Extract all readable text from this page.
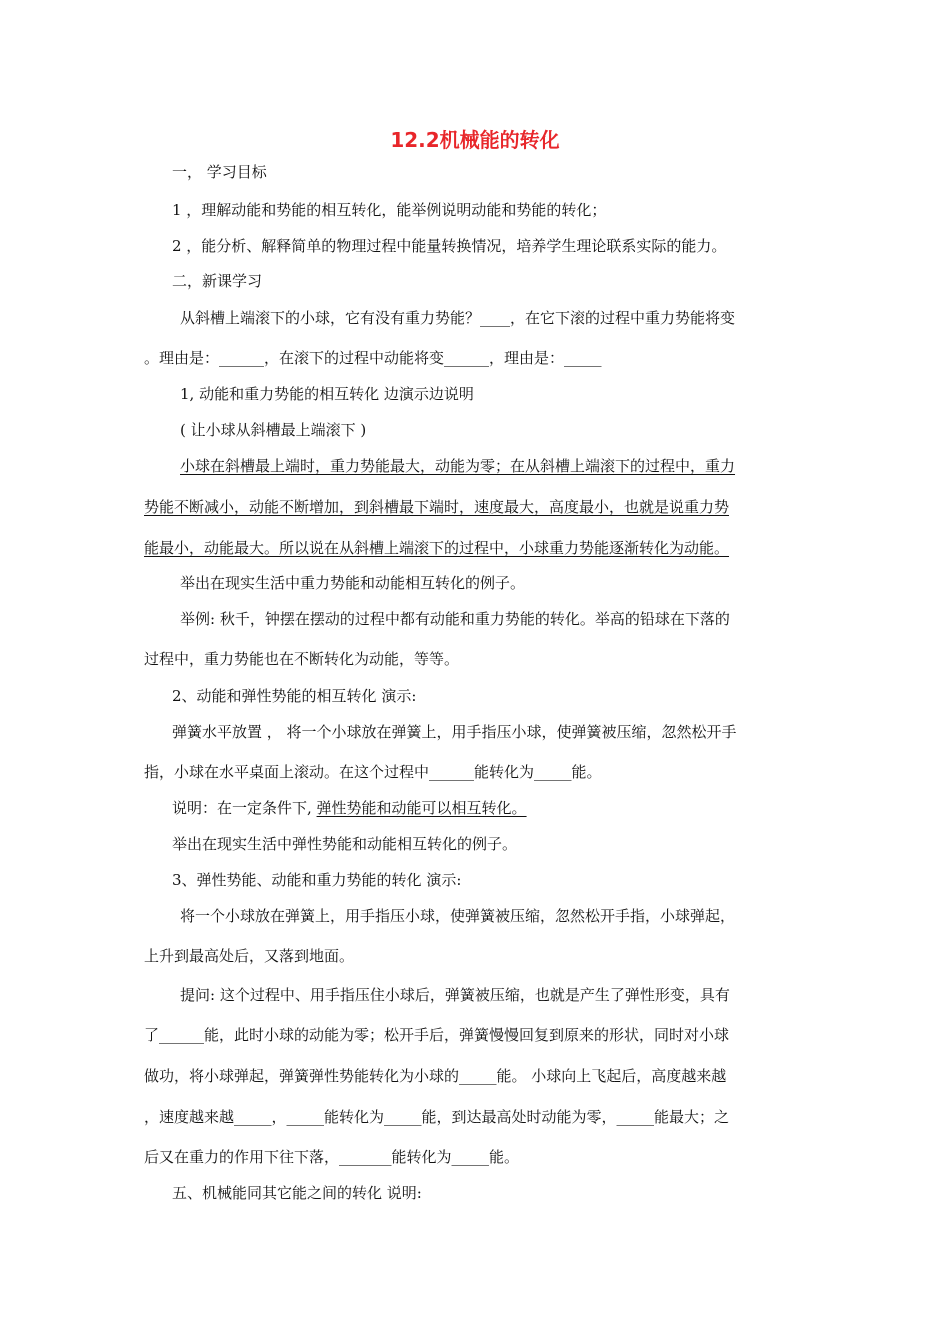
12.2机械能的转化
一， 学习目标
1 ，理解动能和势能的相互转化，能举例说明动能和势能的转化；
2 ，能分析、解释简单的物理过程中能量转换情况，培养学生理论联系实际的能力。
二，新课学习
从斜槽上端滚下的小球，它有没有重力势能？____，在它下滚的过程中重力势能将变
。理由是：______，在滚下的过程中动能将变______，理由是：_____
1, 动能和重力势能的相互转化 边演示边说明
( 让小球从斜槽最上端滚下 )
小球在斜槽最上端时，重力势能最大，动能为零；在从斜槽上端滚下的过程中，重力
势能不断减小，动能不断增加，到斜槽最下端时，速度最大，高度最小，也就是说重力势
能最小，动能最大。所以说在从斜槽上端滚下的过程中，小球重力势能逐渐转化为动能。
举出在现实生活中重力势能和动能相互转化的例子。
举例: 秋千，钟摆在摆动的过程中都有动能和重力势能的转化。举高的铅球在下落的
过程中，重力势能也在不断转化为动能，等等。
2、动能和弹性势能的相互转化 演示:
弹簧水平放置 ， 将一个小球放在弹簧上，用手指压小球，使弹簧被压缩，忽然松开手
指，小球在水平桌面上滚动。在这个过程中______能转化为_____能。
说明：在一定条件下, 弹性势能和动能可以相互转化。
举出在现实生活中弹性势能和动能相互转化的例子。
3、弹性势能、动能和重力势能的转化 演示:
将一个小球放在弹簧上，用手指压小球，使弹簧被压缩，忽然松开手指，小球弹起，
上升到最高处后，又落到地面。
提问: 这个过程中、用手指压住小球后，弹簧被压缩，也就是产生了弹性形变，具有
了______能，此时小球的动能为零；松开手后，弹簧慢慢回复到原来的形状，同时对小球
做功，将小球弹起，弹簧弹性势能转化为小球的_____能。 小球向上飞起后，高度越来越
，速度越来越_____，_____能转化为_____能，到达最高处时动能为零，_____能最大；之
后又在重力的作用下往下落，_______能转化为_____能。
五、机械能同其它能之间的转化 说明:
